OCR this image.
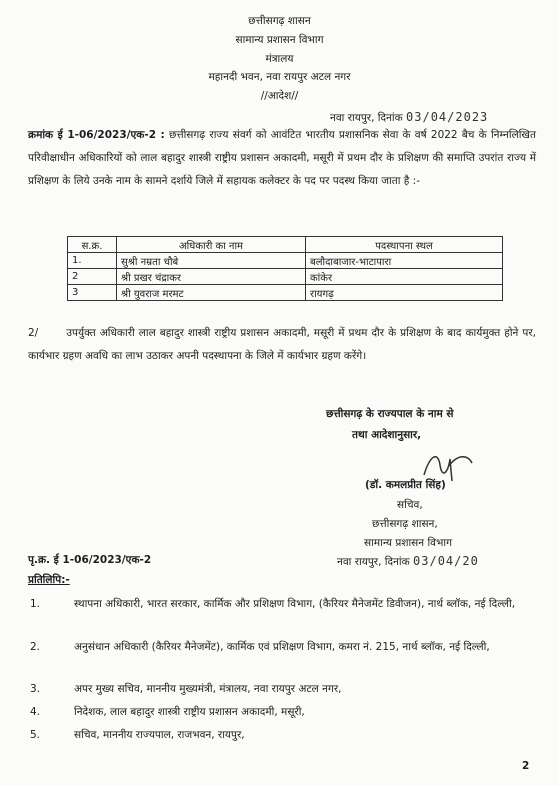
छत्तीसगढ़ शासन
सामान्य प्रशासन विभाग
मंत्रालय
महानदी भवन, नवा रायपुर अटल नगर
//आदेश//
नवा रायपुर, दिनांक 03/04/2023
क्रमांक ई 1-06/2023/एक-2 : छत्तीसगढ़ राज्य संवर्ग को आवंटित भारतीय प्रशासनिक सेवा के वर्ष 2022 बैच के निम्नलिखित परिवीक्षाधीन अधिकारियों को लाल बहादुर शास्त्री राष्ट्रीय प्रशासन अकादमी, मसूरी में प्रथम दौर के प्रशिक्षण की समाप्ति उपरांत राज्य में प्रशिक्षण के लिये उनके नाम के सामने दर्शाये जिले में सहायक कलेक्टर के पद पर पदस्थ किया जाता है :-
स.क्र.	अधिकारी का नाम	पदस्थापना स्थल
1.	सुश्री नम्रता चौबे	बलौदाबाजार-भाटापारा
2	श्री प्रखर चंद्राकर	कांकेर
3	श्री युवराज मरमट	रायगढ़
2/	उपर्युक्त अधिकारी लाल बहादुर शास्त्री राष्ट्रीय प्रशासन अकादमी, मसूरी में प्रथम दौर के प्रशिक्षण के बाद कार्यमुक्त होने पर, कार्यभार ग्रहण अवधि का लाभ उठाकर अपनी पदस्थापना के जिले में कार्यभार ग्रहण करेंगे।
छत्तीसगढ़ के राज्यपाल के नाम से
तथा आदेशानुसार,
(डॉ. कमलप्रीत सिंह)
सचिव,
छत्तीसगढ़ शासन,
सामान्य प्रशासन विभाग
पृ.क्र. ई 1-06/2023/एक-2	नवा रायपुर, दिनांक 03/04/20
प्रतिलिपि:-
1.	स्थापना अधिकारी, भारत सरकार, कार्मिक और प्रशिक्षण विभाग, (कैरियर मैनेजमेंट डिवीजन), नार्थ ब्लॉक, नई दिल्ली,
2.	अनुसंधान अधिकारी (कैरियर मैनेजमेंट), कार्मिक एवं प्रशिक्षण विभाग, कमरा नं. 215, नार्थ ब्लॉक, नई दिल्ली,
3.	अपर मुख्य सचिव, माननीय मुख्यमंत्री, मंत्रालय, नवा रायपुर अटल नगर,
4.	निदेशक, लाल बहादुर शास्त्री राष्ट्रीय प्रशासन अकादमी, मसूरी,
5.	सचिव, माननीय राज्यपाल, राजभवन, रायपुर,
2
